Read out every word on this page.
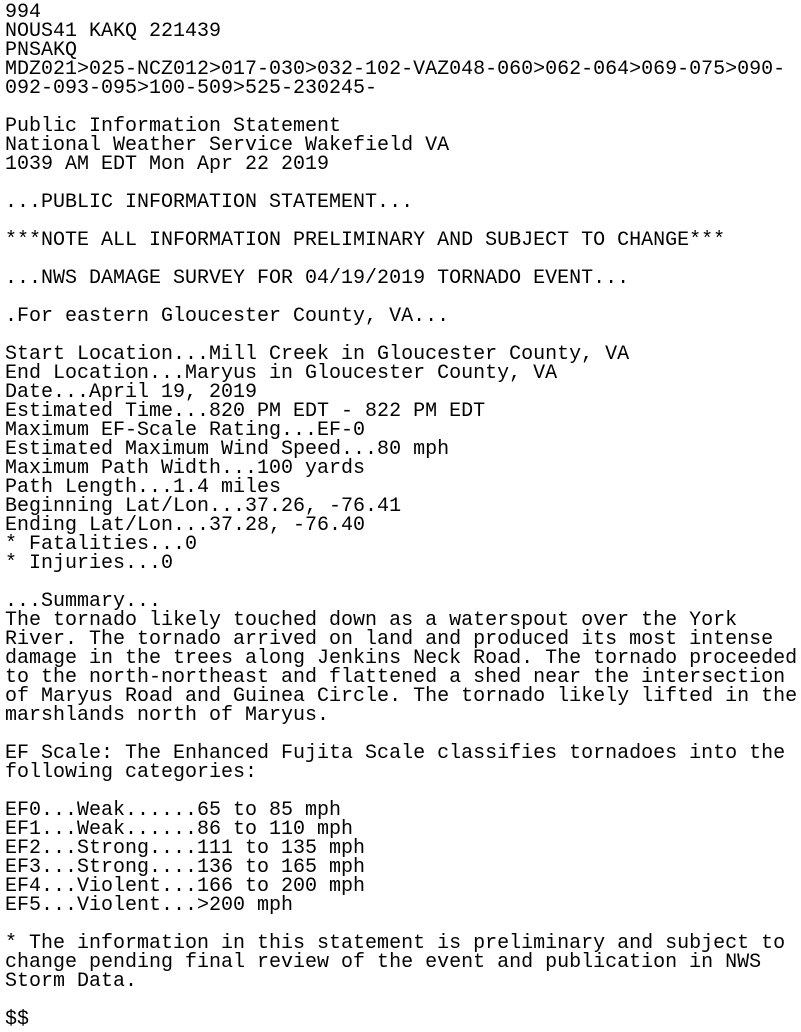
994
NOUS41 KAKQ 221439
PNSAKQ
MDZ021>025-NCZ012>017-030>032-102-VAZ048-060>062-064>069-075>090-
092-093-095>100-509>525-230245-
Public Information Statement
National Weather Service Wakefield VA
1039 AM EDT Mon Apr 22 2019
...PUBLIC INFORMATION STATEMENT...
***NOTE ALL INFORMATION PRELIMINARY AND SUBJECT TO CHANGE***
...NWS DAMAGE SURVEY FOR 04/19/2019 TORNADO EVENT...
.For eastern Gloucester County, VA...
Start Location...Mill Creek in Gloucester County, VA
End Location...Maryus in Gloucester County, VA
Date...April 19, 2019
Estimated Time...820 PM EDT - 822 PM EDT
Maximum EF-Scale Rating...EF-0
Estimated Maximum Wind Speed...80 mph
Maximum Path Width...100 yards
Path Length...1.4 miles
Beginning Lat/Lon...37.26, -76.41
Ending Lat/Lon...37.28, -76.40
* Fatalities...0
* Injuries...0
...Summary...
The tornado likely touched down as a waterspout over the York
River. The tornado arrived on land and produced its most intense
damage in the trees along Jenkins Neck Road. The tornado proceeded
to the north-northeast and flattened a shed near the intersection
of Maryus Road and Guinea Circle. The tornado likely lifted in the
marshlands north of Maryus.
EF Scale: The Enhanced Fujita Scale classifies tornadoes into the
following categories:
EF0...Weak......65 to 85 mph
EF1...Weak......86 to 110 mph
EF2...Strong....111 to 135 mph
EF3...Strong....136 to 165 mph
EF4...Violent...166 to 200 mph
EF5...Violent...>200 mph
* The information in this statement is preliminary and subject to
change pending final review of the event and publication in NWS
Storm Data.
$$
